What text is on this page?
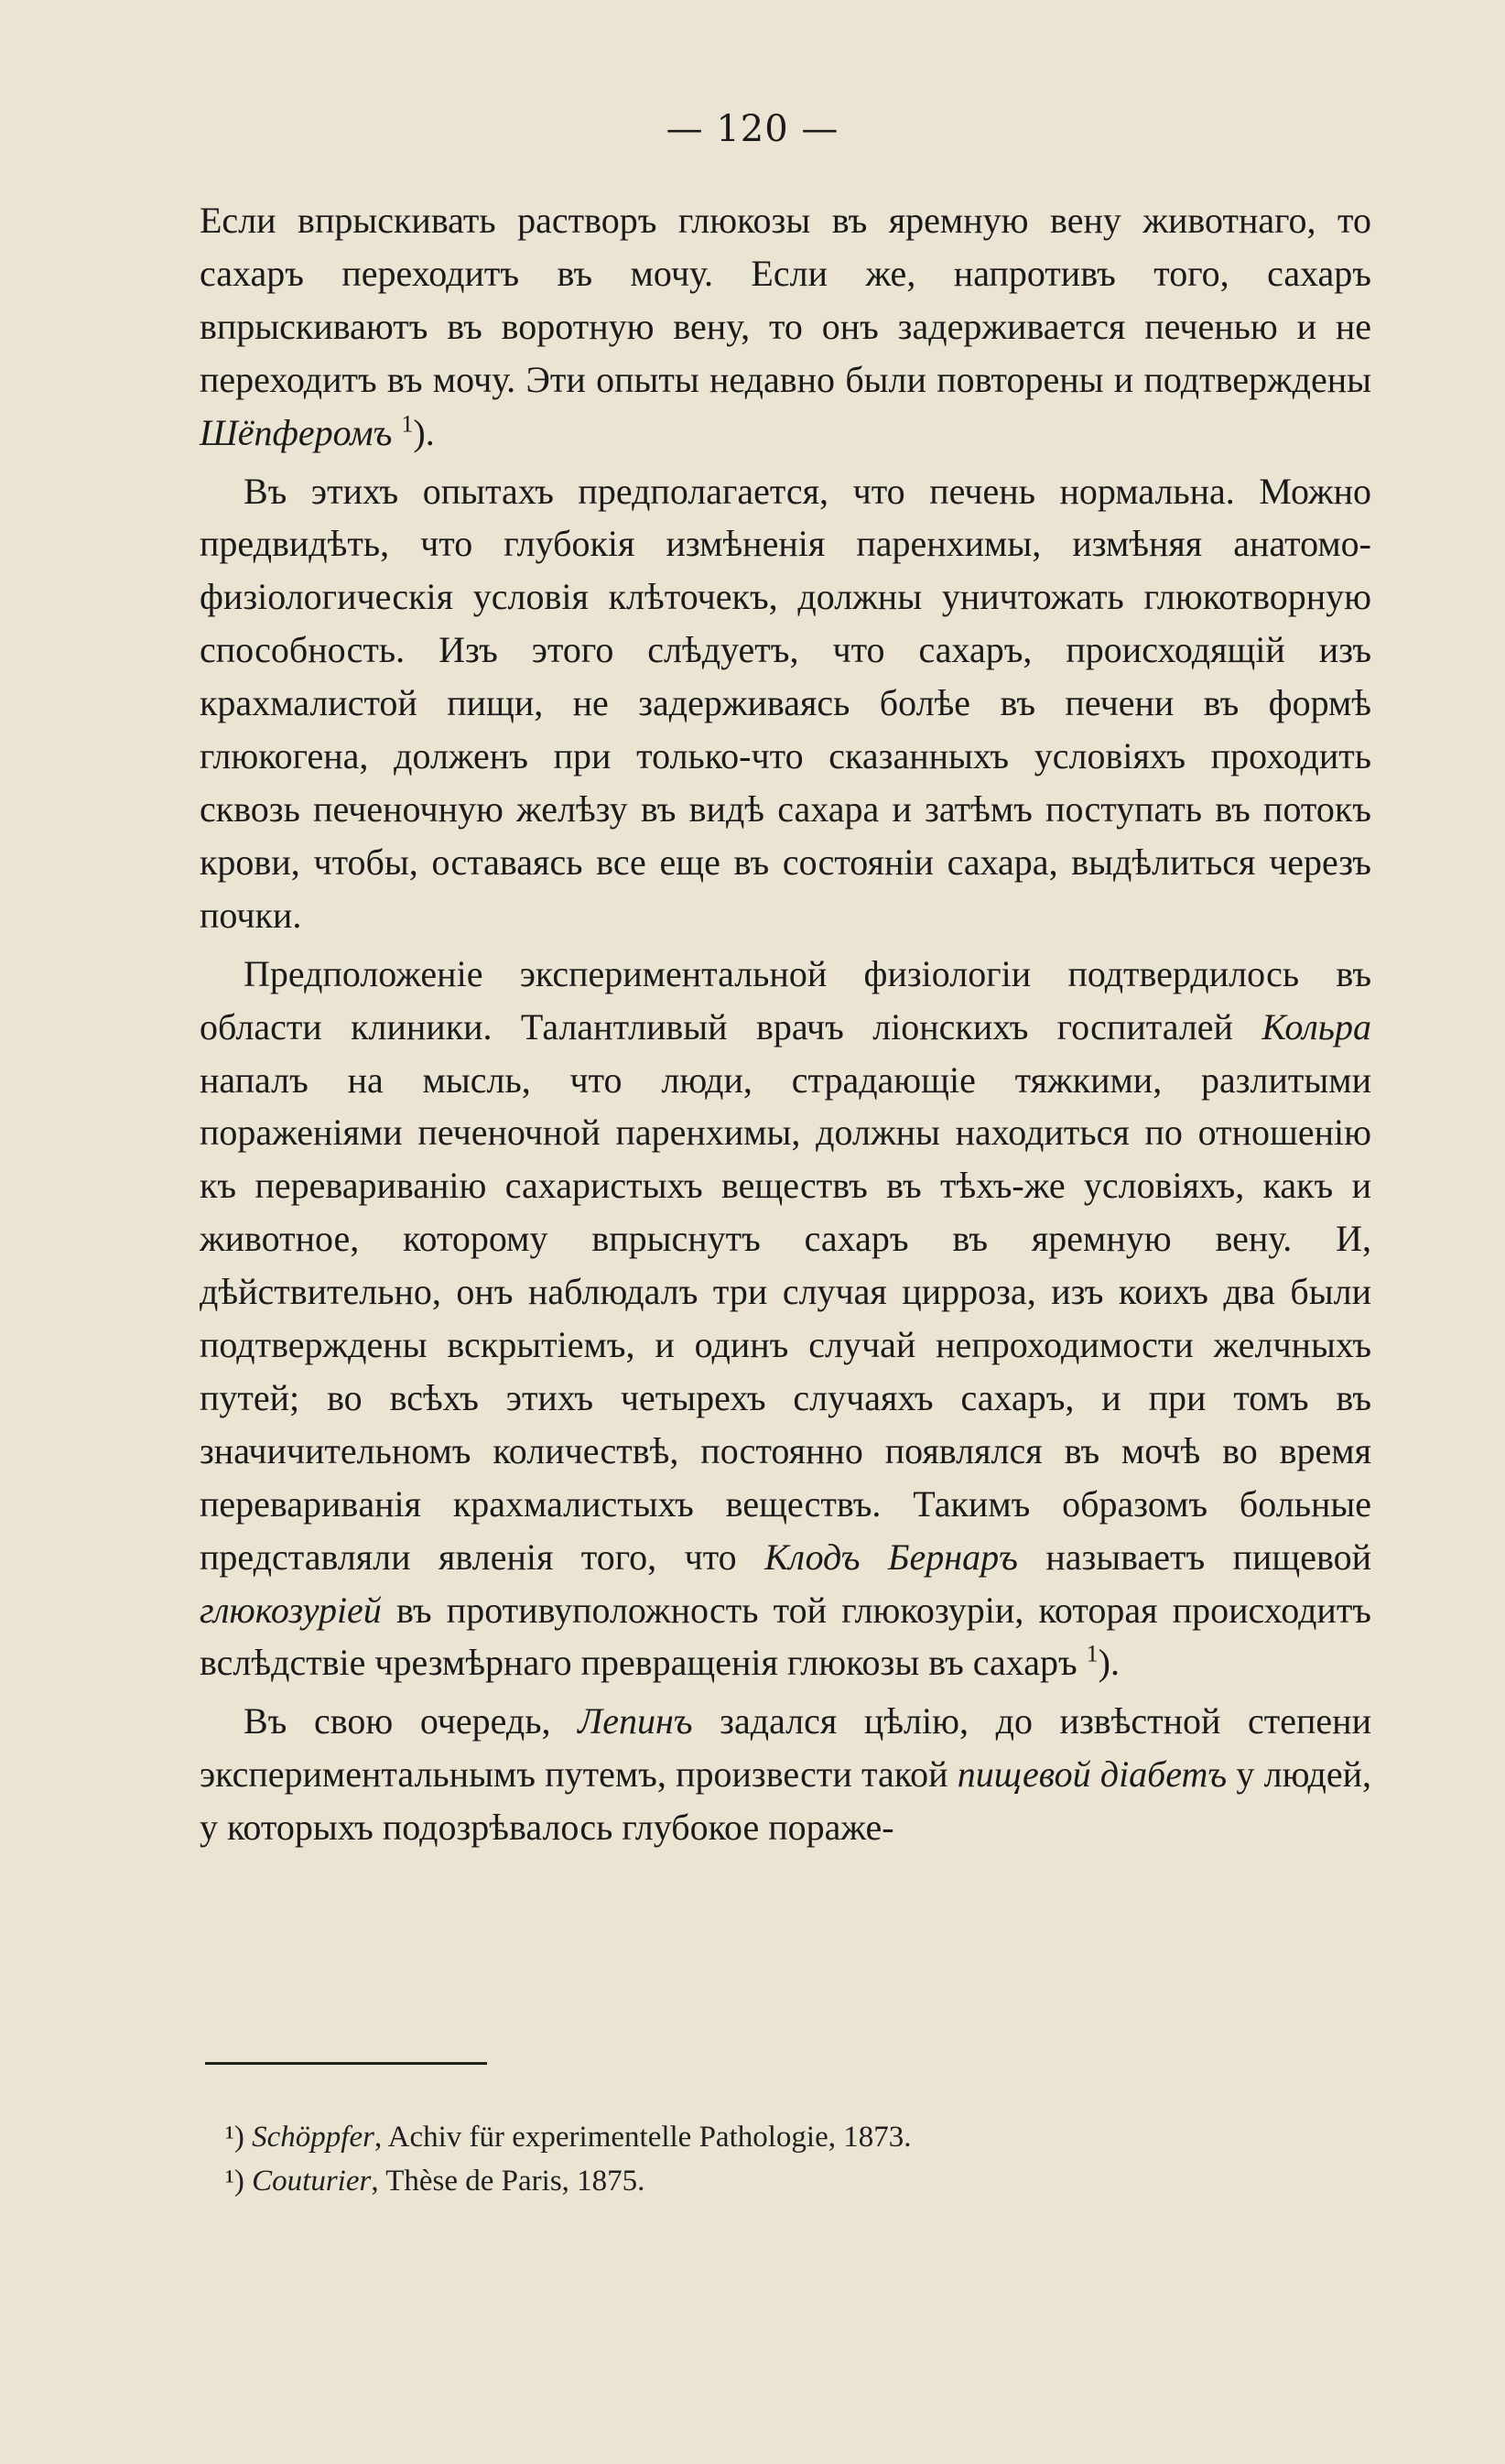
— 120 —

Если впрыскивать растворъ глюкозы въ яремную вену животнаго, то сахаръ переходитъ въ мочу. Если же, напротивъ того, сахаръ впрыскиваютъ въ воротную вену, то онъ задерживается печенью и не переходитъ въ мочу. Эти опыты недавно были повторены и подтверждены Шёпферомъ $^1$).

Въ этихъ опытахъ предполагается, что печень нормальна. Можно предвидѣть, что глубокія измѣненія паренхимы, измѣняя анатомо-физіологическія условія клѣточекъ, должны уничтожать глюкотворную способность. Изъ этого слѣдуетъ, что сахаръ, происходящій изъ крахмалистой пищи, не задерживаясь болѣе въ печени въ формѣ глюкогена, долженъ при только-что сказанныхъ условіяхъ проходить сквозь печеночную желѣзу въ видѣ сахара и затѣмъ поступать въ потокъ крови, чтобы, оставаясь все еще въ состояніи сахара, выдѣлиться черезъ почки.

Предположеніе экспериментальной физіологіи подтвердилось въ области клиники. Талантливый врачъ ліонскихъ госпиталей Кольра напалъ на мысль, что люди, страдающіе тяжкими, разлитыми пораженіями печеночной паренхимы, должны находиться по отношенію къ перевариванію сахаристыхъ веществъ въ тѣхъ-же условіяхъ, какъ и животное, которому впрыснутъ сахаръ въ яремную вену. И, дѣйствительно, онъ наблюдалъ три случая цирроза, изъ коихъ два были подтверждены вскрытіемъ, и одинъ случай непроходимости желчныхъ путей; во всѣхъ этихъ четырехъ случаяхъ сахаръ, и при томъ въ значичительномъ количествѣ, постоянно появлялся въ мочѣ во время переваривaнія крахмалистыхъ веществъ. Такимъ образомъ больные представляли явленія того, что Клодъ Бернаръ называетъ пищевой глюкозуріей въ противуположность той глюкозуріи, которая происходитъ вслѣдствіе чрезмѣрнаго превращенія глюкозы въ сахаръ $^1$).

Въ свою очередь, Лепинъ задался цѣлію, до извѣстной степени экспериментальнымъ путемъ, произвести такой пищевой діабетъ у людей, у которыхъ подозрѣвалось глубокое пораже-

¹) Schöppfer, Achiv für experimentelle Pathologie, 1873.
¹) Couturier, Thèse de Paris, 1875.
